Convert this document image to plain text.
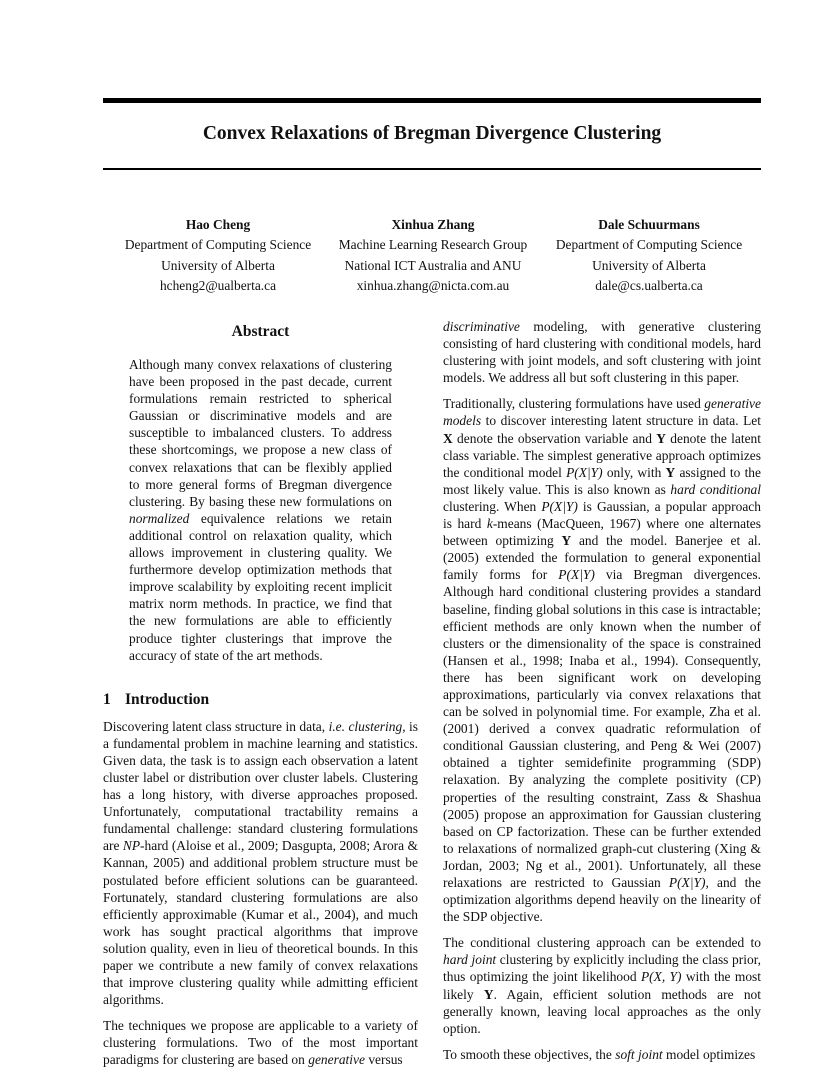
Convex Relaxations of Bregman Divergence Clustering
Hao Cheng
Department of Computing Science
University of Alberta
hcheng2@ualberta.ca
Xinhua Zhang
Machine Learning Research Group
National ICT Australia and ANU
xinhua.zhang@nicta.com.au
Dale Schuurmans
Department of Computing Science
University of Alberta
dale@cs.ualberta.ca
Abstract

Although many convex relaxations of clustering have been proposed in the past decade, current formulations remain restricted to spherical Gaussian or discriminative models and are susceptible to imbalanced clusters. To address these shortcomings, we propose a new class of convex relaxations that can be flexibly applied to more general forms of Bregman divergence clustering. By basing these new formulations on normalized equivalence relations we retain additional control on relaxation quality, which allows improvement in clustering quality. We furthermore develop optimization methods that improve scalability by exploiting recent implicit matrix norm methods. In practice, we find that the new formulations are able to efficiently produce tighter clusterings that improve the accuracy of state of the art methods.

1 Introduction

Discovering latent class structure in data, i.e. clustering, is a fundamental problem in machine learning and statistics. Given data, the task is to assign each observation a latent cluster label or distribution over cluster labels. Clustering has a long history, with diverse approaches proposed. Unfortunately, computational tractability remains a fundamental challenge: standard clustering formulations are NP-hard (Aloise et al., 2009; Dasgupta, 2008; Arora & Kannan, 2005) and additional problem structure must be postulated before efficient solutions can be guaranteed. Fortunately, standard clustering formulations are also efficiently approximable (Kumar et al., 2004), and much work has sought practical algorithms that improve solution quality, even in lieu of theoretical bounds. In this paper we contribute a new family of convex relaxations that improve clustering quality while admitting efficient algorithms.

The techniques we propose are applicable to a variety of clustering formulations. Two of the most important paradigms for clustering are based on generative versus

discriminative modeling, with generative clustering consisting of hard clustering with conditional models, hard clustering with joint models, and soft clustering with joint models. We address all but soft clustering in this paper.

Traditionally, clustering formulations have used generative models to discover interesting latent structure in data. Let X denote the observation variable and Y denote the latent class variable. The simplest generative approach optimizes the conditional model P(X|Y) only, with Y assigned to the most likely value. This is also known as hard conditional clustering. When P(X|Y) is Gaussian, a popular approach is hard k-means (MacQueen, 1967) where one alternates between optimizing Y and the model. Banerjee et al. (2005) extended the formulation to general exponential family forms for P(X|Y) via Bregman divergences. Although hard conditional clustering provides a standard baseline, finding global solutions in this case is intractable; efficient methods are only known when the number of clusters or the dimensionality of the space is constrained (Hansen et al., 1998; Inaba et al., 1994). Consequently, there has been significant work on developing approximations, particularly via convex relaxations that can be solved in polynomial time. For example, Zha et al. (2001) derived a convex quadratic reformulation of conditional Gaussian clustering, and Peng & Wei (2007) obtained a tighter semidefinite programming (SDP) relaxation. By analyzing the complete positivity (CP) properties of the resulting constraint, Zass & Shashua (2005) propose an approximation for Gaussian clustering based on CP factorization. These can be further extended to relaxations of normalized graph-cut clustering (Xing & Jordan, 2003; Ng et al., 2001). Unfortunately, all these relaxations are restricted to Gaussian P(X|Y), and the optimization algorithms depend heavily on the linearity of the SDP objective.

The conditional clustering approach can be extended to hard joint clustering by explicitly including the class prior, thus optimizing the joint likelihood P(X, Y) with the most likely Y. Again, efficient solution methods are not generally known, leaving local approaches as the only option.

To smooth these objectives, the soft joint model optimizes
